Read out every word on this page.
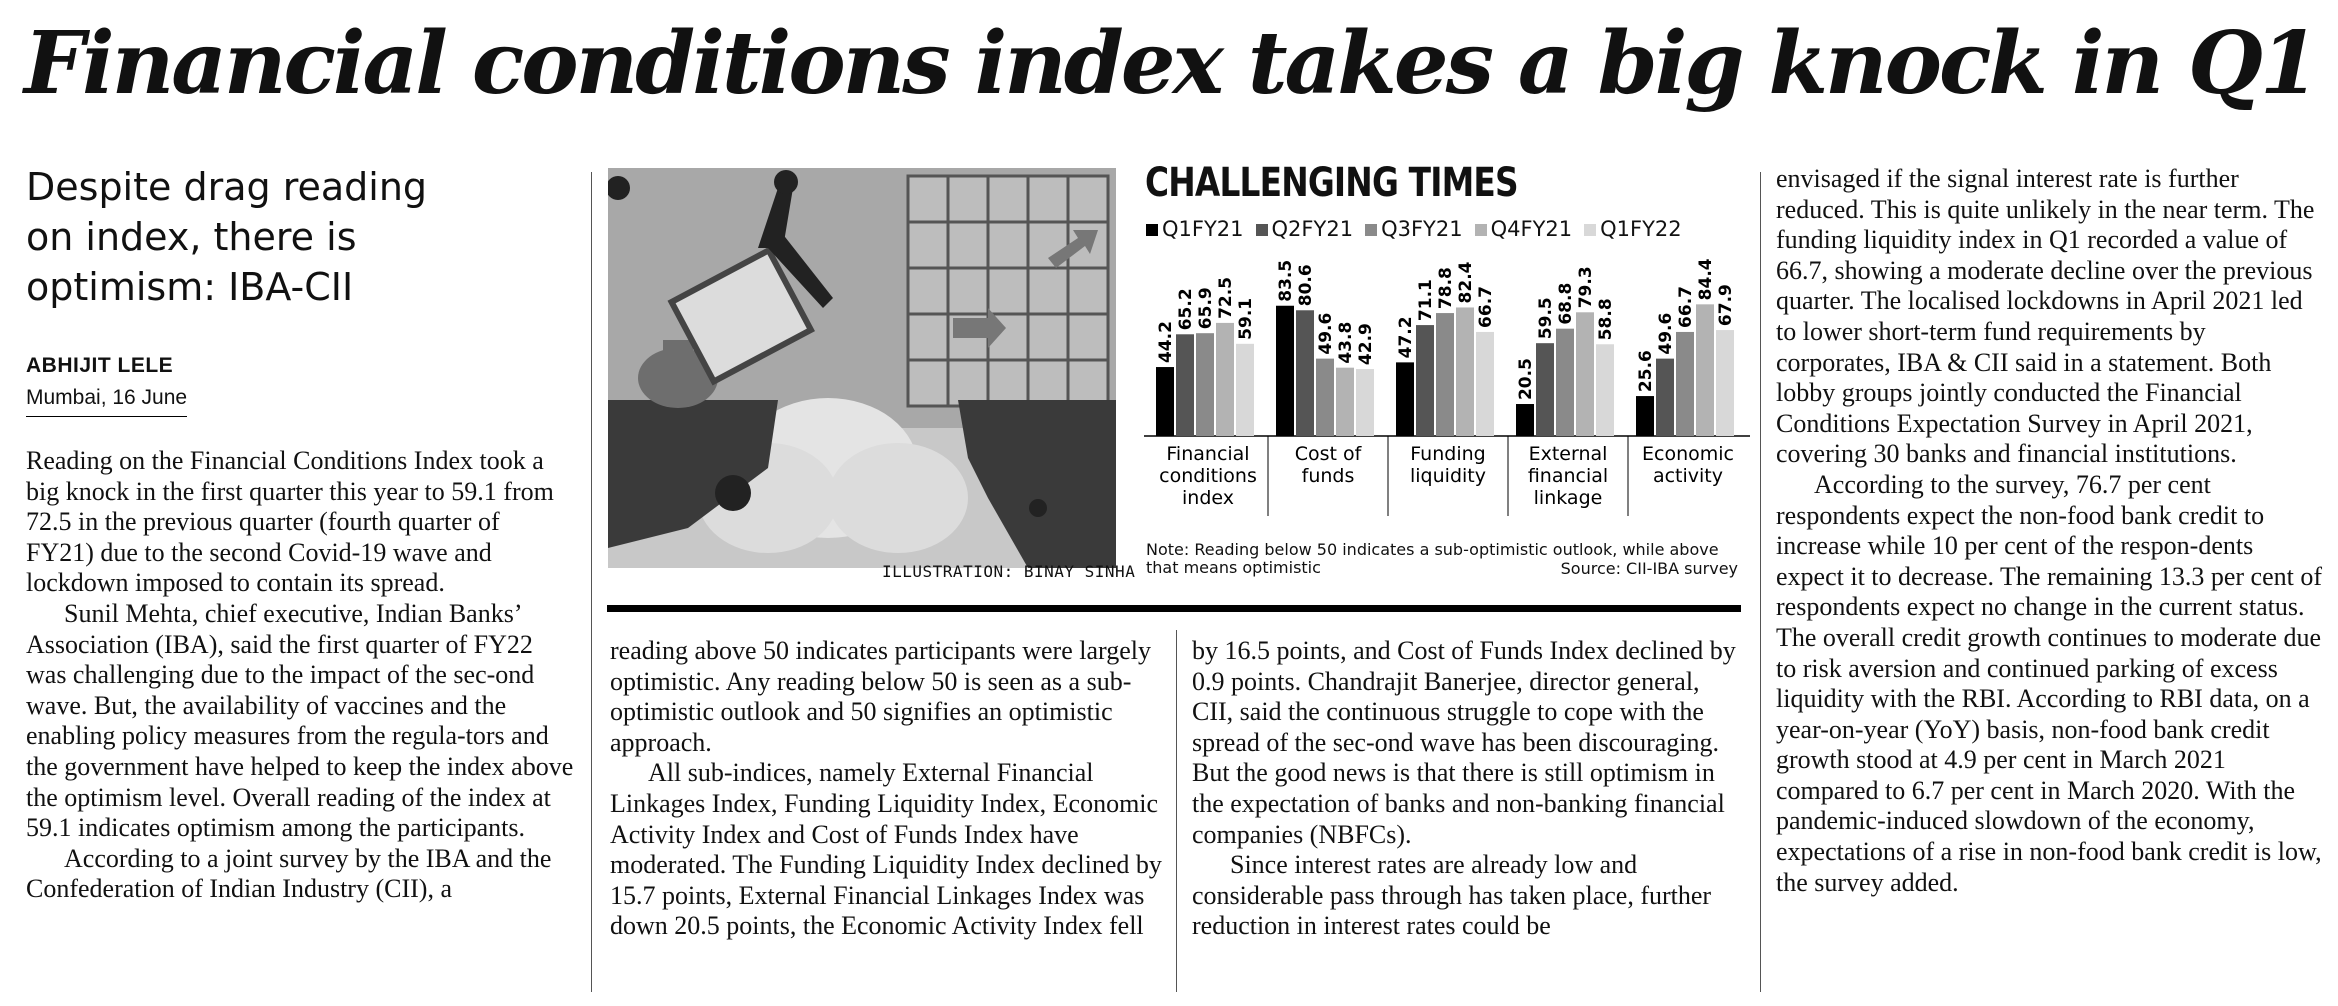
Financial conditions index takes a big knock in Q1
Despite drag reading on index, there is optimism: IBA-CII
ABHIJIT LELE
Mumbai, 16 June

Reading on the Financial Conditions Index took a big knock in the first quarter this year to 59.1 from 72.5 in the previous quarter (fourth quarter of FY21) due to the second Covid-19 wave and lockdown imposed to contain its spread.

Sunil Mehta, chief executive, Indian Banks’ Association (IBA), said the first quarter of FY22 was challenging due to the impact of the sec-ond wave. But, the availability of vaccines and the enabling policy measures from the regula-tors and the government have helped to keep the index above the optimism level. Overall reading of the index at 59.1 indicates optimism among the participants.

According to a joint survey by the IBA and the Confederation of Indian Industry (CII), a

reading above 50 indicates participants were largely optimistic. Any reading below 50 is seen as a sub-optimistic outlook and 50 signifies an optimistic approach.

All sub-indices, namely External Financial Linkages Index, Funding Liquidity Index, Economic Activity Index and Cost of Funds Index have moderated. The Funding Liquidity Index declined by 15.7 points, External Financial Linkages Index was down 20.5 points, the Economic Activity Index fell

by 16.5 points, and Cost of Funds Index declined by 0.9 points. Chandrajit Banerjee, director general, CII, said the continuous struggle to cope with the spread of the sec-ond wave has been discouraging. But the good news is that there is still optimism in the expectation of banks and non-banking financial companies (NBFCs).

Since interest rates are already low and considerable pass through has taken place, further reduction in interest rates could be

envisaged if the signal interest rate is further reduced. This is quite unlikely in the near term. The funding liquidity index in Q1 recorded a value of 66.7, showing a moderate decline over the previous quarter. The localised lockdowns in April 2021 led to lower short-term fund requirements by corporates, IBA & CII said in a statement. Both lobby groups jointly conducted the Financial Conditions Expectation Survey in April 2021, covering 30 banks and financial institutions.

According to the survey, 76.7 per cent respondents expect the non-food bank credit to increase while 10 per cent of the respon-dents expect it to decrease. The remaining 13.3 per cent of respondents expect no change in the current status. The overall credit growth continues to moderate due to risk aversion and continued parking of excess liquidity with the RBI. According to RBI data, on a year-on-year (YoY) basis, non-food bank credit growth stood at 4.9 per cent in March 2021 compared to 6.7 per cent in March 2020. With the pandemic-induced slowdown of the economy, expectations of a rise in non-food bank credit is low, the survey added.

ILLUSTRATION: BINAY SINHA
CHALLENGING TIMES
Q1FY21 Q2FY21 Q3FY21 Q4FY21 Q1FY22
44.2
65.2 65.9 72.5 59.1
Financial
conditions
index
83.5 80.6
49.6 43.8 42.9
Cost of
funds
47.2
71.1 78.8 82.4
66.7
Funding
liquidity
20.5
59.5 68.8 79.3
58.8
External
financial
linkage
25.6
49.6
66.7
84.4
67.9
Economic
activity
Note: Reading below 50 indicates a sub-optimistic outlook, while above that means optimistic	Source: CII-IBA survey
